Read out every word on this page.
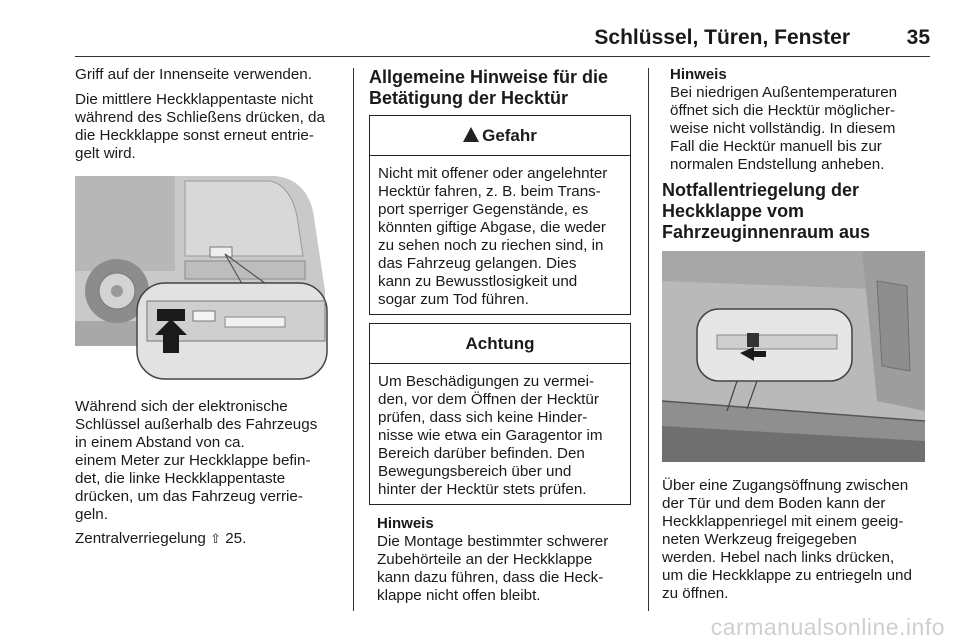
Schlüssel, Türen, Fenster	35

Griff auf der Innenseite verwenden.

Die mittlere Heckklappentaste nicht

während des Schließens drücken, da

die Heckklappe sonst erneut entrie-

gelt wird.

Während sich der elektronische

Schlüssel außerhalb des Fahrzeugs

in einem Abstand von ca.

einem Meter zur Heckklappe befin-

det, die linke Heckklappentaste

drücken, um das Fahrzeug verrie-

geln.

Zentralverriegelung ⇧ 25.
Allgemeine Hinweise für die
Betätigung der Hecktür
!Gefahr
Nicht mit offener oder angelehnter
Hecktür fahren, z. B. beim Trans-
port sperriger Gegenstände, es
könnten giftige Abgase, die weder
zu sehen noch zu riechen sind, in
das Fahrzeug gelangen. Dies
kann zu Bewusstlosigkeit und
sogar zum Tod führen.
Achtung
Um Beschädigungen zu vermei-
den, vor dem Öffnen der Hecktür
prüfen, dass sich keine Hinder-
nisse wie etwa ein Garagentor im
Bereich darüber befinden. Den
Bewegungsbereich über und
hinter der Hecktür stets prüfen.
Hinweis
Die Montage bestimmter schwerer
Zubehörteile an der Heckklappe
kann dazu führen, dass die Heck-
klappe nicht offen bleibt.
Hinweis
Bei niedrigen Außentemperaturen
öffnet sich die Hecktür möglicher-
weise nicht vollständig. In diesem
Fall die Hecktür manuell bis zur
normalen Endstellung anheben.
Notfallentriegelung der
Heckklappe vom
Fahrzeuginnenraum aus
Über eine Zugangsöffnung zwischen
der Tür und dem Boden kann der
Heckklappenriegel mit einem geeig-
neten Werkzeug freigegeben
werden. Hebel nach links drücken,
um die Heckklappe zu entriegeln und
zu öffnen.
carmanualsonline.info
